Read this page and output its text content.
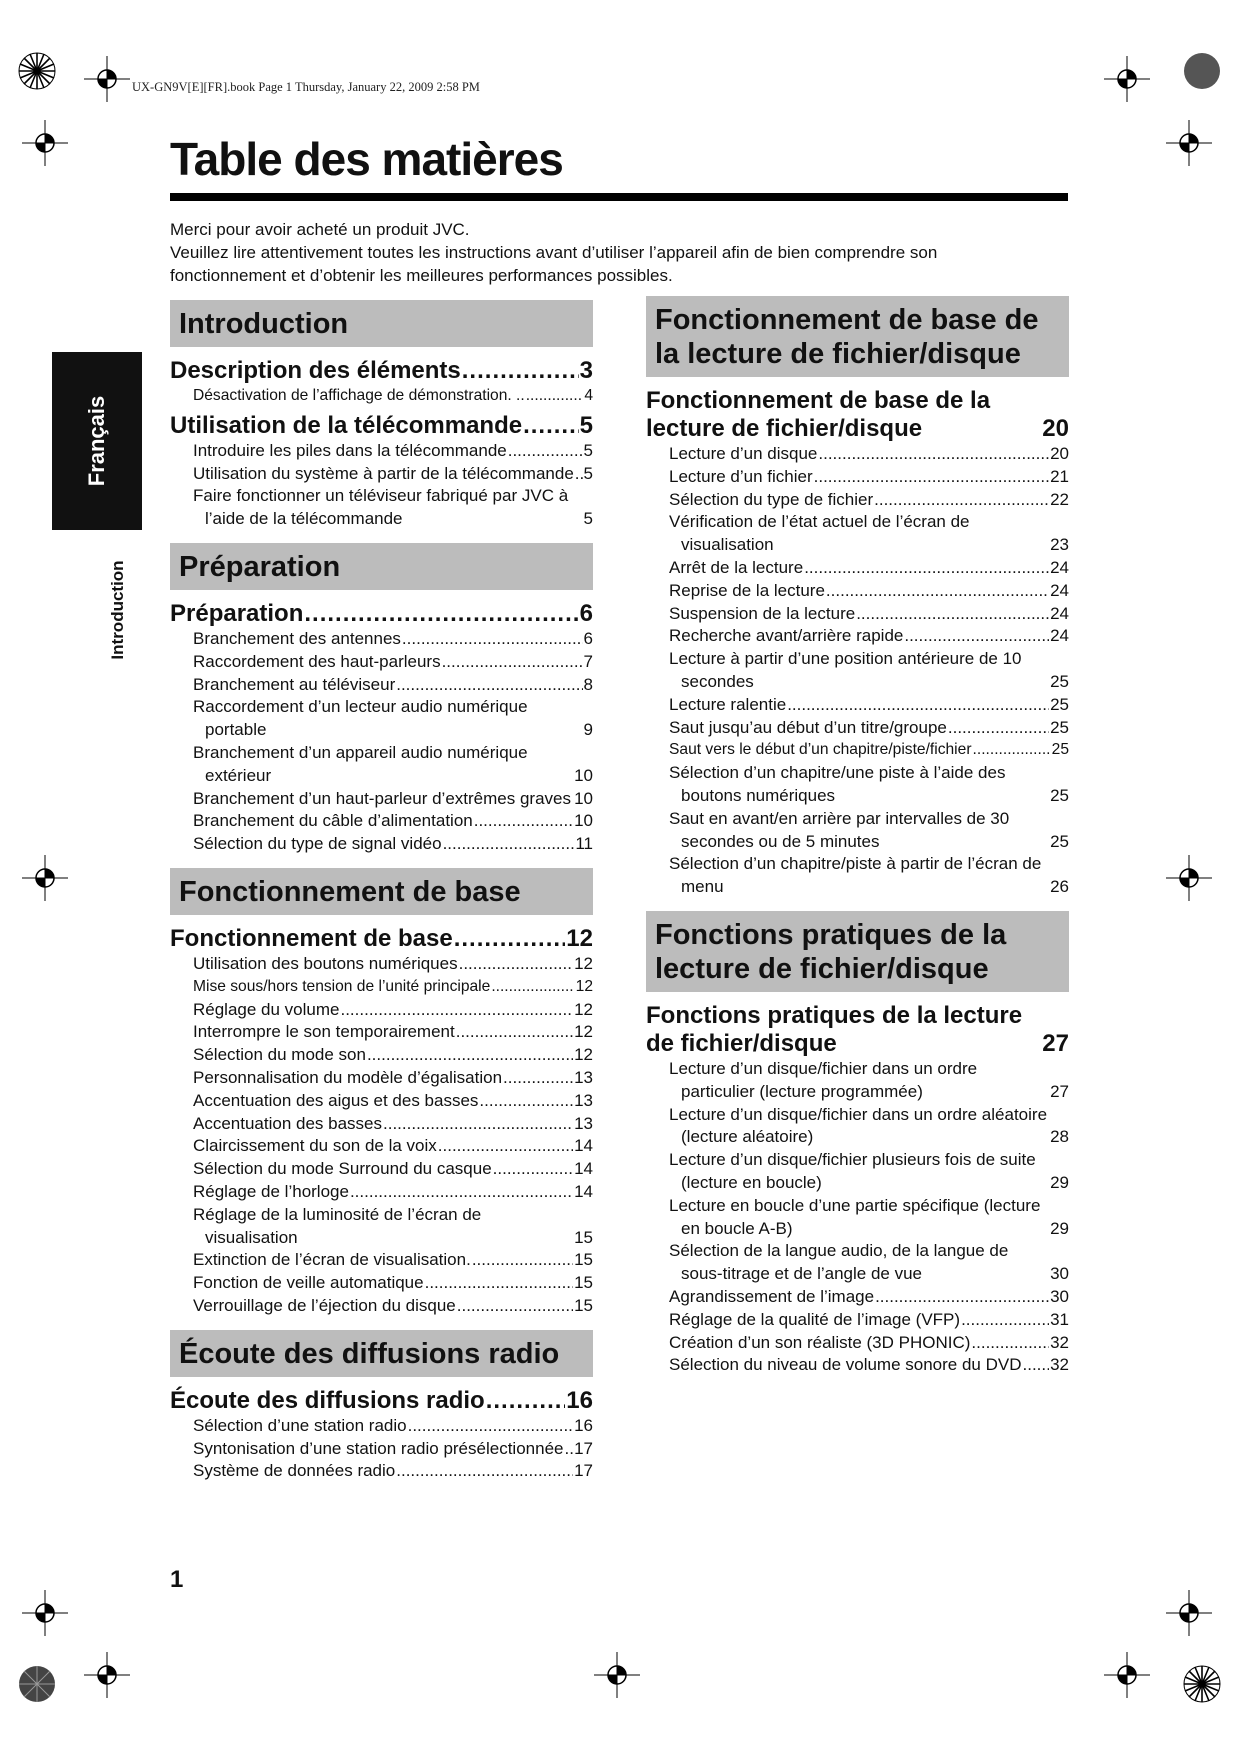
UX-GN9V[E][FR].book Page 1 Thursday, January 22, 2009 2:58 PM
Table des matières

Merci pour avoir acheté un produit JVC.

Veuillez lire attentivement toutes les instructions avant d’utiliser l’appareil afin de bien comprendre son

fonctionnement et d’obtenir les meilleures performances possibles.

Français
Introduction
Introduction
Description des éléments .....	3
Désactivation de l’affichage de démonstration. .. .....	4
Utilisation de la télécommande ..... 5
Introduire les piles dans la télécommande .....	5
Utilisation du système à partir de la télécommande ..... 5
Faire fonctionner un téléviseur fabriqué par JVC à l’aide de la télécommande	5
Préparation
Préparation .....	6
Branchement des antennes .....	6
Raccordement des haut-parleurs .....	7
Branchement au téléviseur .....	8
Raccordement d’un lecteur audio numérique portable	9
Branchement d’un appareil audio numérique extérieur	10
Branchement d’un haut-parleur d’extrêmes graves ..... 10
Branchement du câble d’alimentation .....	10
Sélection du type de signal vidéo .....	11
Fonctionnement de base
Fonctionnement de base .....	12
Utilisation des boutons numériques .....	12
Mise sous/hors tension de l’unité principale .....	12
Réglage du volume .....	12
Interrompre le son temporairement .....	12
Sélection du mode son .....	12
Personnalisation du modèle d’égalisation .....	13
Accentuation des aigus et des basses .....	13
Accentuation des basses .....	13
Claircissement du son de la voix .....	14
Sélection du mode Surround du casque .....	14
Réglage de l’horloge .....	14
Réglage de la luminosité de l’écran de visualisation	15
Extinction de l’écran de visualisation. .....	15
Fonction de veille automatique .....	15
Verrouillage de l’éjection du disque .....	15
Écoute des diffusions radio
Écoute des diffusions radio .....	16
Sélection d’une station radio .....	16
Syntonisation d’une station radio présélectionnée ..... 17
Système de données radio .....	17
Fonctionnement de base de la lecture de fichier/disque
Fonctionnement de base de la lecture de fichier/disque	20
Lecture d’un disque .....	20
Lecture d’un fichier .....	21
Sélection du type de fichier .....	22
Vérification de l’état actuel de l’écran de visualisation	23
Arrêt de la lecture .....	24
Reprise de la lecture .....	24
Suspension de la lecture .....	24
Recherche avant/arrière rapide .....	24
Lecture à partir d’une position antérieure de 10 secondes	25
Lecture ralentie .....	25
Saut jusqu’au début d’un titre/groupe .....	25
Saut vers le début d’un chapitre/piste/fichier .....	25
Sélection d’un chapitre/une piste à l’aide des boutons numériques	25
Saut en avant/en arrière par intervalles de 30 secondes ou de 5 minutes	25
Sélection d’un chapitre/piste à partir de l’écran de menu	26
Fonctions pratiques de la lecture de fichier/disque
Fonctions pratiques de la lecture de fichier/disque	27
Lecture d’un disque/fichier dans un ordre particulier (lecture programmée)	27
Lecture d’un disque/fichier dans un ordre aléatoire (lecture aléatoire)	28
Lecture d’un disque/fichier plusieurs fois de suite (lecture en boucle)	29
Lecture en boucle d’une partie spécifique (lecture en boucle A-B)	29
Sélection de la langue audio, de la langue de sous-titrage et de l’angle de vue	30
Agrandissement de l’image .....	30
Réglage de la qualité de l’image (VFP) .....	31
Création d’un son réaliste (3D PHONIC) .....	32
Sélection du niveau de volume sonore du DVD ..... 32
1
